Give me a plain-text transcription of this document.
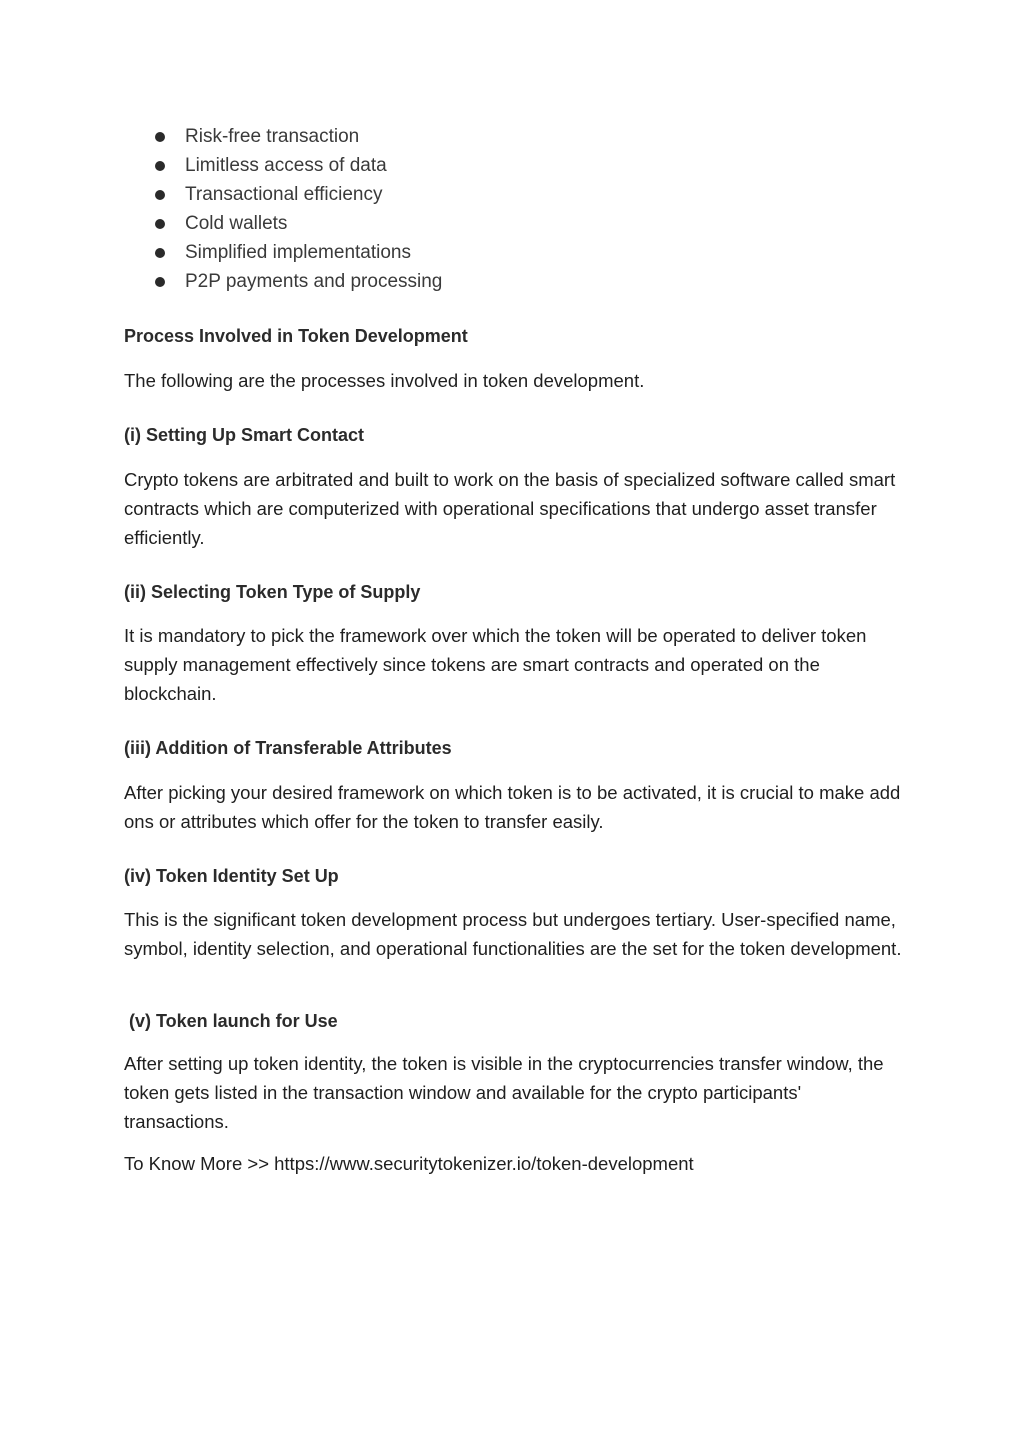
Risk-free transaction
Limitless access of data
Transactional efficiency
Cold wallets
Simplified implementations
P2P payments and processing
Process Involved in Token Development

The following are the processes involved in token development.

(i) Setting Up Smart Contact

Crypto tokens are arbitrated and built to work on the basis of specialized software called smart contracts which are computerized with operational specifications that undergo asset transfer efficiently.

(ii) Selecting Token Type of Supply

It is mandatory to pick the framework over which the token will be operated to deliver token supply management effectively since tokens are smart contracts and operated on the blockchain.

(iii) Addition of Transferable Attributes

After picking your desired framework on which token is to be activated, it is crucial to make add ons or attributes which offer for the token to transfer easily.

(iv) Token Identity Set Up

This is the significant token development process but undergoes tertiary. User-specified name, symbol, identity selection, and operational functionalities are the set for the token development.

(v) Token launch for Use

After setting up token identity, the token is visible in the cryptocurrencies transfer window, the token gets listed in the transaction window and available for the crypto participants' transactions.

To Know More >> https://www.securitytokenizer.io/token-development
